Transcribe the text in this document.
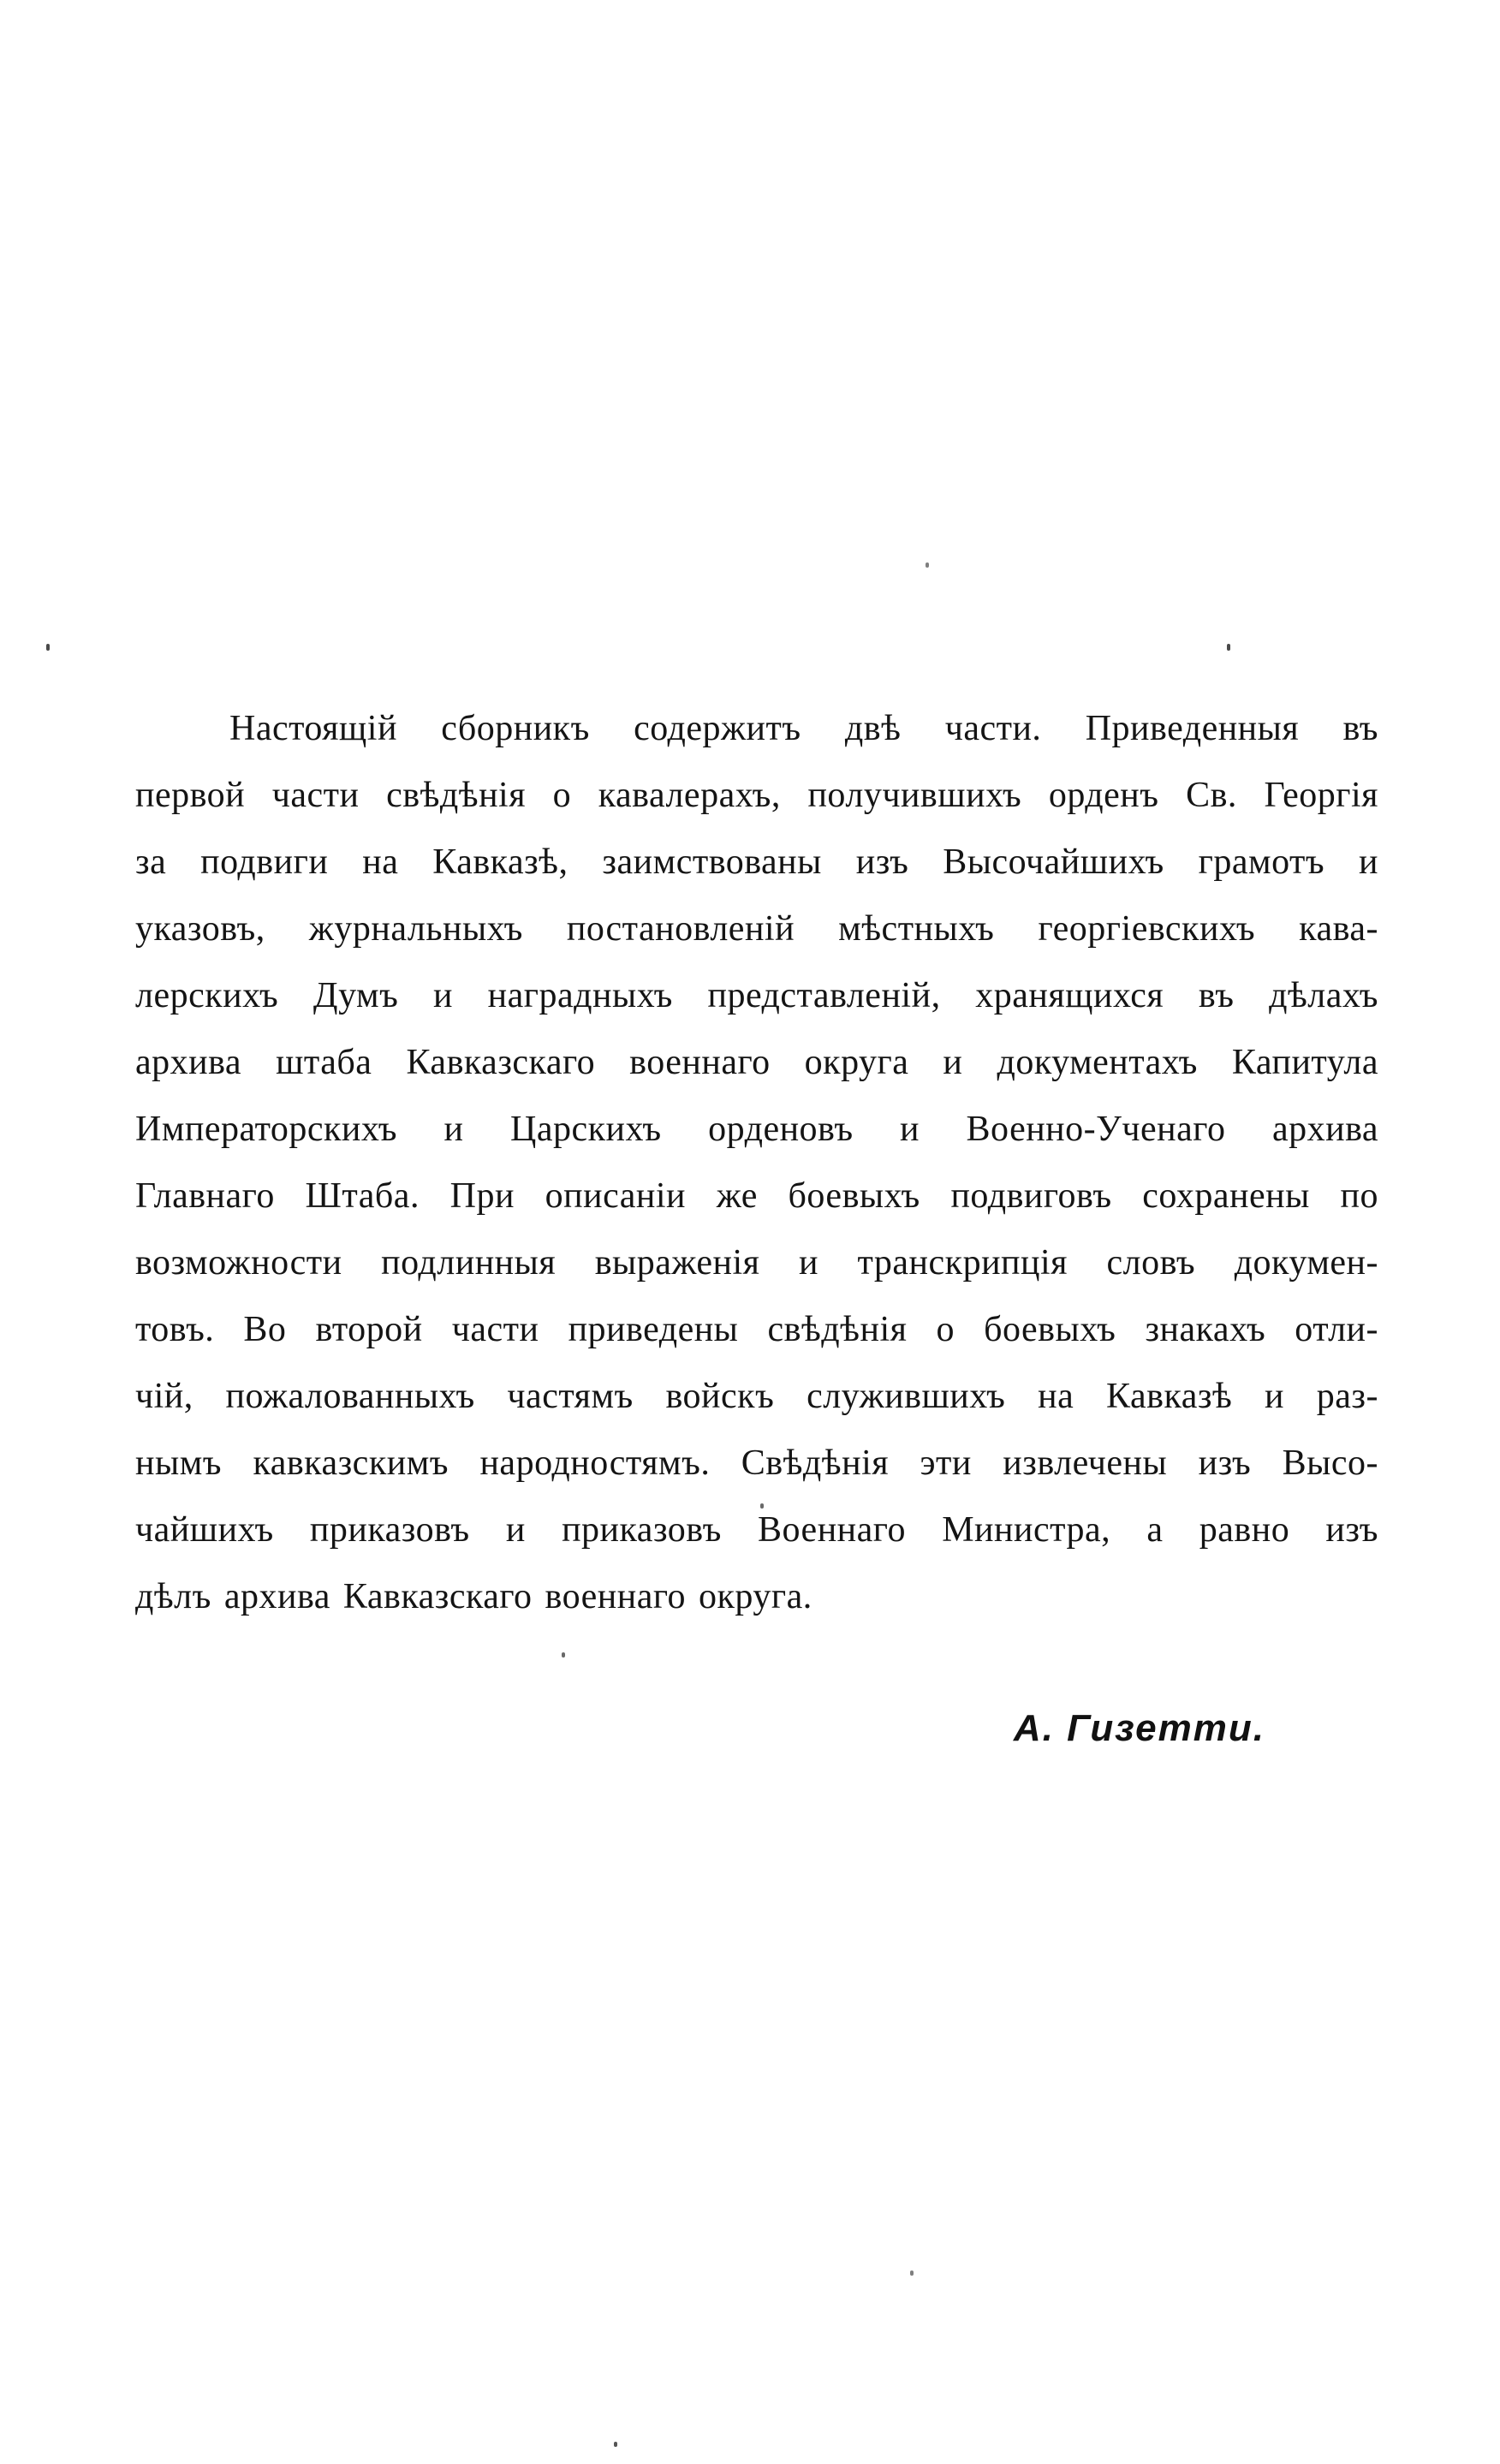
Настоящій сборникъ содержитъ двѣ части. Приведенныя въ
первой части свѣдѣнія о кавалерахъ, получившихъ орденъ Св. Георгія
за подвиги на Кавказѣ, заимствованы изъ Высочайшихъ грамотъ и
указовъ, журнальныхъ постановленій мѣстныхъ георгіевскихъ кава-
лерскихъ Думъ и наградныхъ представленій, хранящихся въ дѣлахъ
архива штаба Кавказскаго военнаго округа и документахъ Капитула
Императорскихъ и Царскихъ орденовъ и Военно-Ученаго архива
Главнаго Штаба. При описаніи же боевыхъ подвиговъ сохранены по
возможности подлинныя выраженія и транскрипція словъ докумен-
товъ. Во второй части приведены свѣдѣнія о боевыхъ знакахъ отли-
чій, пожалованныхъ частямъ войскъ служившихъ на Кавказѣ и раз-
нымъ кавказскимъ народностямъ. Свѣдѣнія эти извлечены изъ Высо-
чайшихъ приказовъ и приказовъ Военнаго Министра, а равно изъ
дѣлъ архива Кавказскаго военнаго округа.
А. Гизетти.
